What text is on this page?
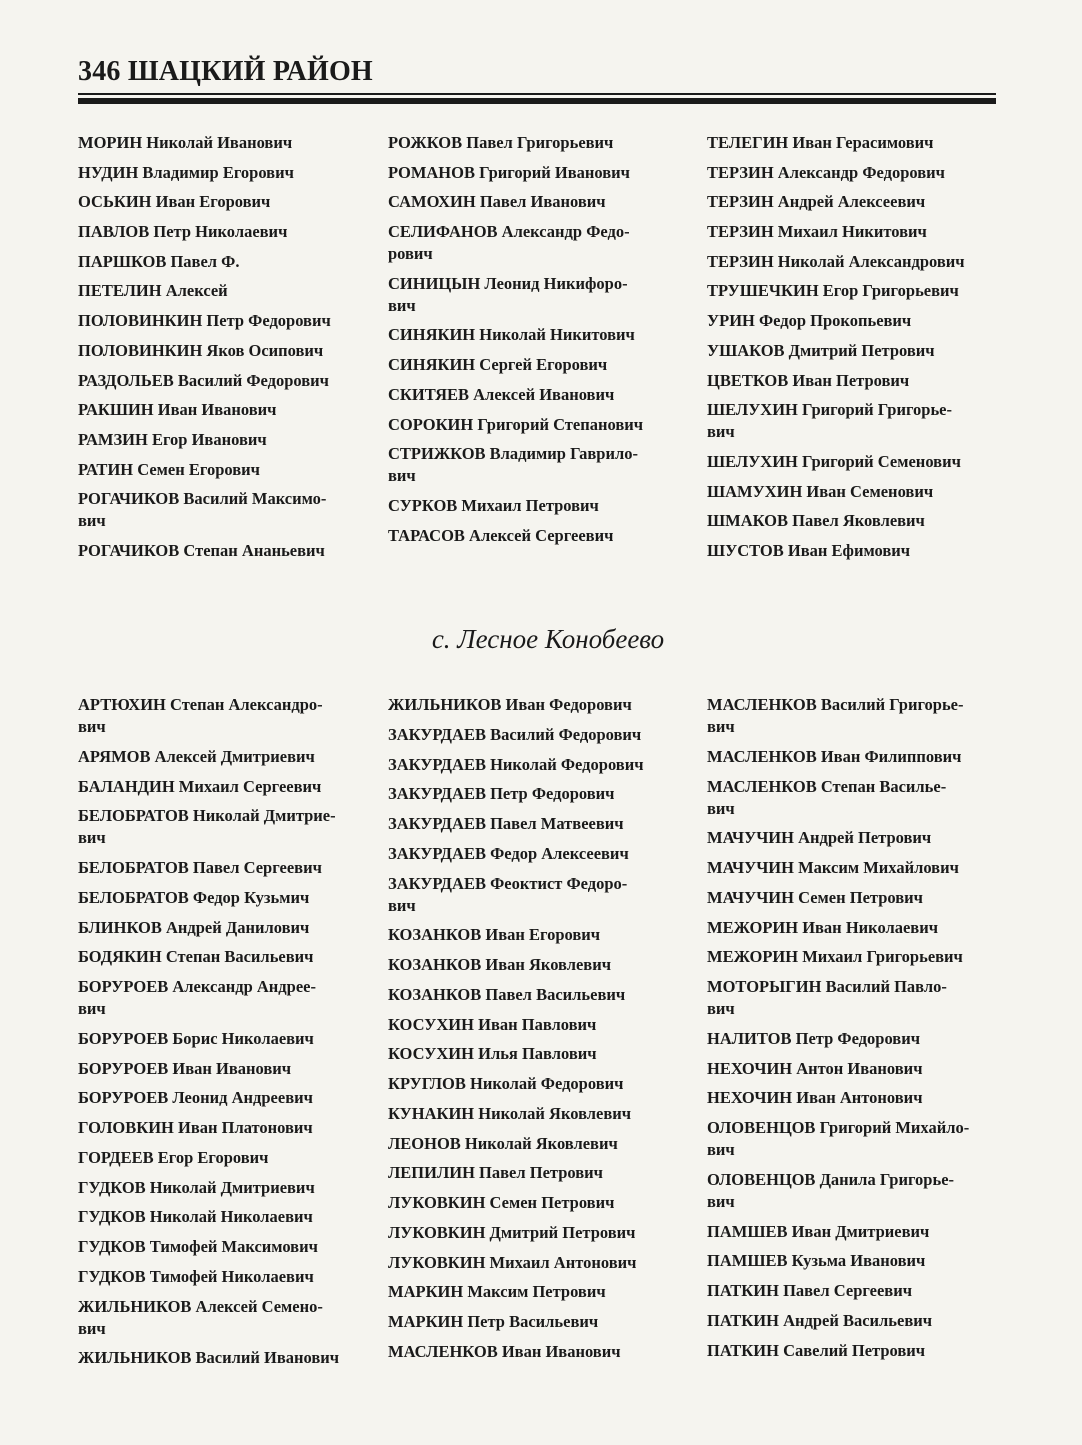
346 ШАЦКИЙ РАЙОН
МОРИН Николай Иванович
НУДИН Владимир Егорович
ОСЬКИН Иван Егорович
ПАВЛОВ Петр Николаевич
ПАРШКОВ Павел Ф.
ПЕТЕЛИН Алексей
ПОЛОВИНКИН Петр Федорович
ПОЛОВИНКИН Яков Осипович
РАЗДОЛЬЕВ Василий Федорович
РАКШИН Иван Иванович
РАМЗИН Егор Иванович
РАТИН Семен Егорович
РОГАЧИКОВ Василий Максимо-
вич
РОГАЧИКОВ Степан Ананьевич
РОЖКОВ Павел Григорьевич
РОМАНОВ Григорий Иванович
САМОХИН Павел Иванович
СЕЛИФАНОВ Александр Федо-
рович
СИНИЦЫН Леонид Никифоро-
вич
СИНЯКИН Николай Никитович
СИНЯКИН Сергей Егорович
СКИТЯЕВ Алексей Иванович
СОРОКИН Григорий Степанович
СТРИЖКОВ Владимир Гаврило-
вич
СУРКОВ Михаил Петрович
ТАРАСОВ Алексей Сергеевич
ТЕЛЕГИН Иван Герасимович
ТЕРЗИН Александр Федорович
ТЕРЗИН Андрей Алексеевич
ТЕРЗИН Михаил Никитович
ТЕРЗИН Николай Александрович
ТРУШЕЧКИН Егор Григорьевич
УРИН Федор Прокопьевич
УШАКОВ Дмитрий Петрович
ЦВЕТКОВ Иван Петрович
ШЕЛУХИН Григорий Григорье-
вич
ШЕЛУХИН Григорий Семенович
ШАМУХИН Иван Семенович
ШМАКОВ Павел Яковлевич
ШУСТОВ Иван Ефимович
с. Лесное Конобеево
АРТЮХИН Степан Александро-
вич
АРЯМОВ Алексей Дмитриевич
БАЛАНДИН Михаил Сергеевич
БЕЛОБРАТОВ Николай Дмитрие-
вич
БЕЛОБРАТОВ Павел Сергеевич
БЕЛОБРАТОВ Федор Кузьмич
БЛИНКОВ Андрей Данилович
БОДЯКИН Степан Васильевич
БОРУРОЕВ Александр Андрее-
вич
БОРУРОЕВ Борис Николаевич
БОРУРОЕВ Иван Иванович
БОРУРОЕВ Леонид Андреевич
ГОЛОВКИН Иван Платонович
ГОРДЕЕВ Егор Егорович
ГУДКОВ Николай Дмитриевич
ГУДКОВ Николай Николаевич
ГУДКОВ Тимофей Максимович
ГУДКОВ Тимофей Николаевич
ЖИЛЬНИКОВ Алексей Семено-
вич
ЖИЛЬНИКОВ Василий Иванович
ЖИЛЬНИКОВ Иван Федорович
ЗАКУРДАЕВ Василий Федорович
ЗАКУРДАЕВ Николай Федорович
ЗАКУРДАЕВ Петр Федорович
ЗАКУРДАЕВ Павел Матвеевич
ЗАКУРДАЕВ Федор Алексеевич
ЗАКУРДАЕВ Феоктист Федоро-
вич
КОЗАНКОВ Иван Егорович
КОЗАНКОВ Иван Яковлевич
КОЗАНКОВ Павел Васильевич
КОСУХИН Иван Павлович
КОСУХИН Илья Павлович
КРУГЛОВ Николай Федорович
КУНАКИН Николай Яковлевич
ЛЕОНОВ Николай Яковлевич
ЛЕПИЛИН Павел Петрович
ЛУКОВКИН Семен Петрович
ЛУКОВКИН Дмитрий Петрович
ЛУКОВКИН Михаил Антонович
МАРКИН Максим Петрович
МАРКИН Петр Васильевич
МАСЛЕНКОВ Иван Иванович
МАСЛЕНКОВ Василий Григорье-
вич
МАСЛЕНКОВ Иван Филиппович
МАСЛЕНКОВ Степан Василье-
вич
МАЧУЧИН Андрей Петрович
МАЧУЧИН Максим Михайлович
МАЧУЧИН Семен Петрович
МЕЖОРИН Иван Николаевич
МЕЖОРИН Михаил Григорьевич
МОТОРЫГИН Василий Павло-
вич
НАЛИТОВ Петр Федорович
НЕХОЧИН Антон Иванович
НЕХОЧИН Иван Антонович
ОЛОВЕНЦОВ Григорий Михайло-
вич
ОЛОВЕНЦОВ Данила Григорье-
вич
ПАМШЕВ Иван Дмитриевич
ПАМШЕВ Кузьма Иванович
ПАТКИН Павел Сергеевич
ПАТКИН Андрей Васильевич
ПАТКИН Савелий Петрович
